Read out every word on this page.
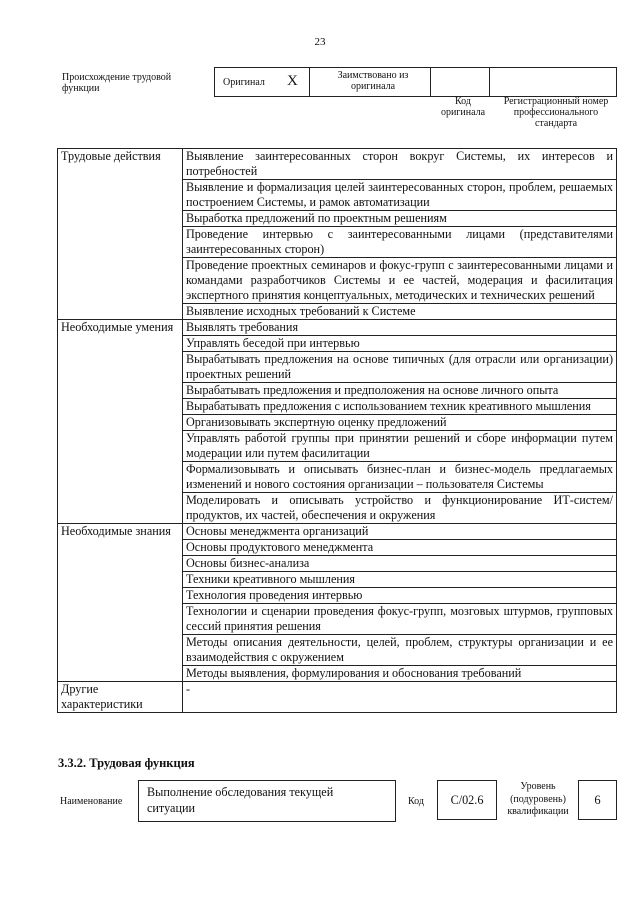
23
Происхождение трудовой функции
Оригинал X	Заимствовано из оригинала
Код оригинала
Регистрационный номер профессионального стандарта
Трудовые действия	Выявление заинтересованных сторон вокруг Системы, их интересов и потребностей
	Выявление и формализация целей заинтересованных сторон, проблем, решаемых построением Системы, и рамок автоматизации
	Выработка предложений по проектным решениям
	Проведение интервью с заинтересованными лицами (представителями заинтересованных сторон)
	Проведение проектных семинаров и фокус-групп с заинтересованными лицами и командами разработчиков Системы и ее частей, модерация и фасилитация экспертного принятия концептуальных, методических и технических решений
	Выявление исходных требований к Системе
Необходимые умения	Выявлять требования
	Управлять беседой при интервью
	Вырабатывать предложения на основе типичных (для отрасли или организации) проектных решений
	Вырабатывать предложения и предположения на основе личного опыта
	Вырабатывать предложения с использованием техник креативного мышления
	Организовывать экспертную оценку предложений
	Управлять работой группы при принятии решений и сборе информации путем модерации или путем фасилитации
	Формализовывать и описывать бизнес-план и бизнес-модель предлагаемых изменений и нового состояния организации – пользователя Системы
	Моделировать и описывать устройство и функционирование ИТ-систем/продуктов, их частей, обеспечения и окружения
Необходимые знания	Основы менеджмента организаций
	Основы продуктового менеджмента
	Основы бизнес-анализа
	Техники креативного мышления
	Технология проведения интервью
	Технологии и сценарии проведения фокус-групп, мозговых штурмов, групповых сессий принятия решения
	Методы описания деятельности, целей, проблем, структуры организации и ее взаимодействия с окружением
	Методы выявления, формулирования и обоснования требований
Другие характеристики	-
3.3.2. Трудовая функция
Наименование
Выполнение обследования текущей ситуации	Код	C/02.6
Уровень (подуровень) квалификации
6
